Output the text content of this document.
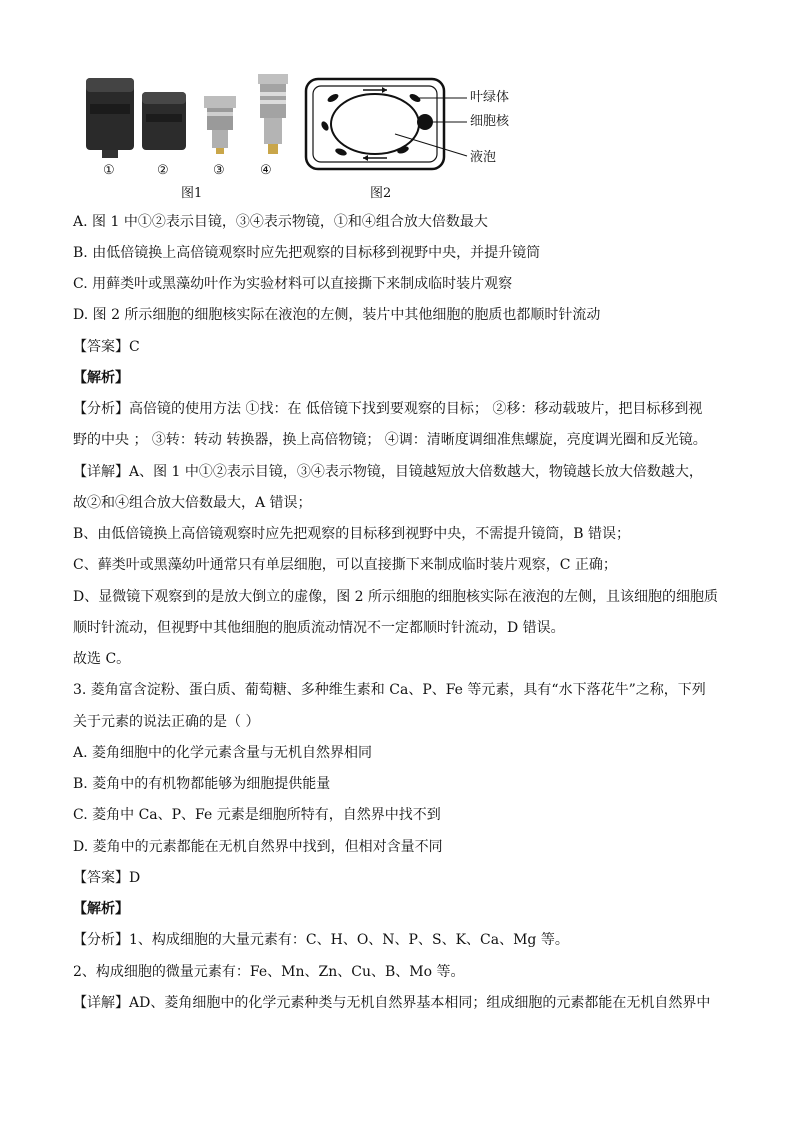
①	②	③	④
图1
叶绿体
细胞核
液泡
图2
A. 图 1 中①②表示目镜，③④表示物镜，①和④组合放大倍数最大
B. 由低倍镜换上高倍镜观察时应先把观察的目标移到视野中央，并提升镜筒
C. 用藓类叶或黑藻幼叶作为实验材料可以直接撕下来制成临时装片观察
D. 图 2 所示细胞的细胞核实际在液泡的左侧，装片中其他细胞的胞质也都顺时针流动
【答案】C
【解析】
【分析】高倍镜的使用方法 ①找：在 低倍镜下找到要观察的目标； ②移：移动载玻片，把目标移到视
野的中央 ； ③转：转动 转换器，换上高倍物镜； ④调：清晰度调细准焦螺旋，亮度调光圈和反光镜。
【详解】A、图 1 中①②表示目镜，③④表示物镜，目镜越短放大倍数越大，物镜越长放大倍数越大，
故②和④组合放大倍数最大，A 错误；
B、由低倍镜换上高倍镜观察时应先把观察的目标移到视野中央，不需提升镜筒，B 错误；
C、藓类叶或黑藻幼叶通常只有单层细胞，可以直接撕下来制成临时装片观察，C 正确；
D、显微镜下观察到的是放大倒立的虚像，图 2 所示细胞的细胞核实际在液泡的左侧，且该细胞的细胞质
顺时针流动，但视野中其他细胞的胞质流动情况不一定都顺时针流动，D 错误。
故选 C。
3. 菱角富含淀粉、蛋白质、葡萄糖、多种维生素和 Ca、P、Fe 等元素，具有“水下落花牛”之称，下列
关于元素的说法正确的是（ ）
A. 菱角细胞中的化学元素含量与无机自然界相同
B. 菱角中的有机物都能够为细胞提供能量
C. 菱角中 Ca、P、Fe 元素是细胞所特有，自然界中找不到
D. 菱角中的元素都能在无机自然界中找到，但相对含量不同
【答案】D
【解析】
【分析】1、构成细胞的大量元素有：C、H、O、N、P、S、K、Ca、Mg 等。
2、构成细胞的微量元素有：Fe、Mn、Zn、Cu、B、Mo 等。
【详解】AD、菱角细胞中的化学元素种类与无机自然界基本相同；组成细胞的元素都能在无机自然界中
